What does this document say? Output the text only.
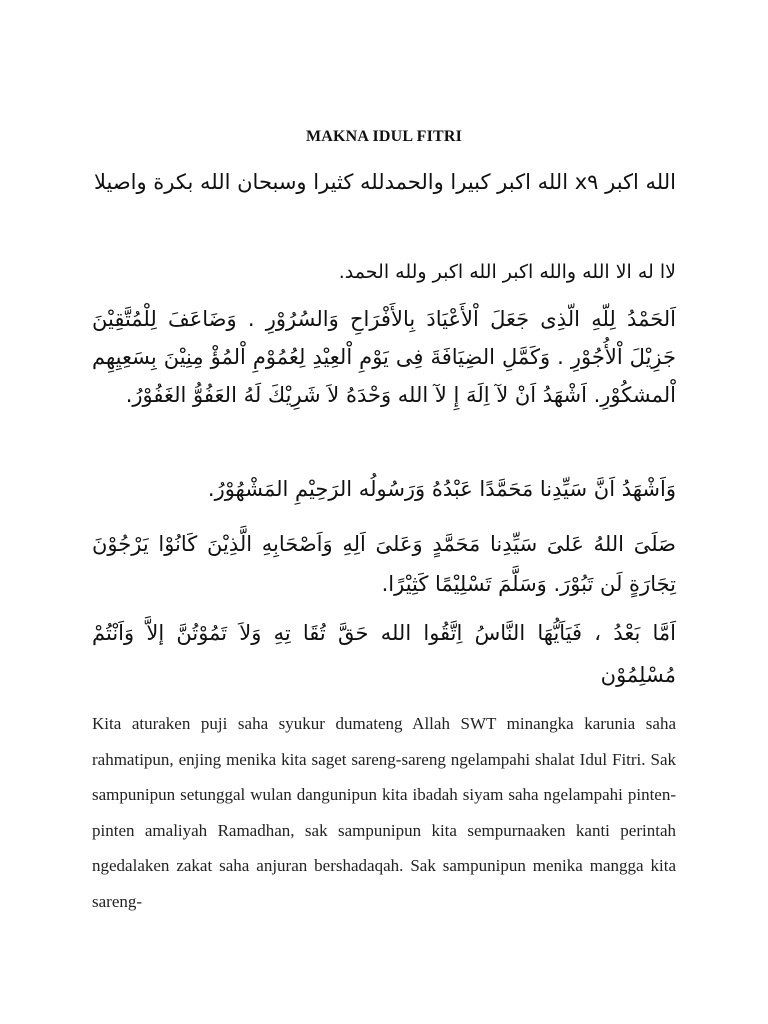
MAKNA IDUL FITRI

الله اكبر x٩ الله اكبر كبيرا والحمدلله كثيرا وسبحان الله بكرة واصيلا

لاا له الا الله والله اكبر الله اكبر ولله الحمد.

اَلحَمْدُ لِلّهِ الّذِى جَعَلَ اْلأَعْيَادَ بِالأَفْرَاحِ وَالسُرُوْرِ . وَضَاعَفَ لِلْمُتَّقِيْنَ جَزِيْلَ اْلأُجُوْرِ . وَكَمَّلِ الضِيَافَةَ فِى يَوْمِ اْلعِيْدِ لِعُمُوْمِ اْلمُؤْ مِنِيْنَ بِسَعِيِهِم اْلمشكُوْرِ. اَشْهَدُ اَنْ لآ اِلَهَ إِ لآ الله وَحْدَهُ لاَ شَرِيْكَ لَهُ العَفُوُّ الغَفُوْرُ.

وَاَشْهَدُ اَنَّ سَيِّدِنا مَحَمَّدًا عَبْدُهُ وَرَسُولُه الرَحِيْمِ المَشْهُوْرُ.

صَلَىَ اللهُ عَلىَ سَيِّدِنا مَحَمَّدٍ وَعَلىَ اَلِهِ وَاَصْحَابِهِ الَّذِيْنَ كَانُوْا يَرْجُوْنَ تِجَارَةٍ لَن تَبُوْرَ. وَسَلَّمَ تَسْلِيْمًا كَثِيْرًا.

اَمَّا بَعْدُ ، فَيَاَيُّهَا النَّاسُ اِتَّقُوا الله حَقَّ تُقَا تِهِ وَلاَ تَمُوْتُنَّ إلاَّ وَاَنْتُمْ مُسْلِمُوْن

Kita aturaken puji saha syukur dumateng Allah SWT minangka karunia saha rahmatipun, enjing menika kita saget sareng-sareng ngelampahi shalat Idul Fitri. Sak sampunipun setunggal wulan dangunipun kita ibadah siyam saha ngelampahi pinten-pinten amaliyah Ramadhan, sak sampunipun kita sempurnaaken kanti perintah ngedalaken zakat saha anjuran bershadaqah. Sak sampunipun menika mangga kita sareng-
